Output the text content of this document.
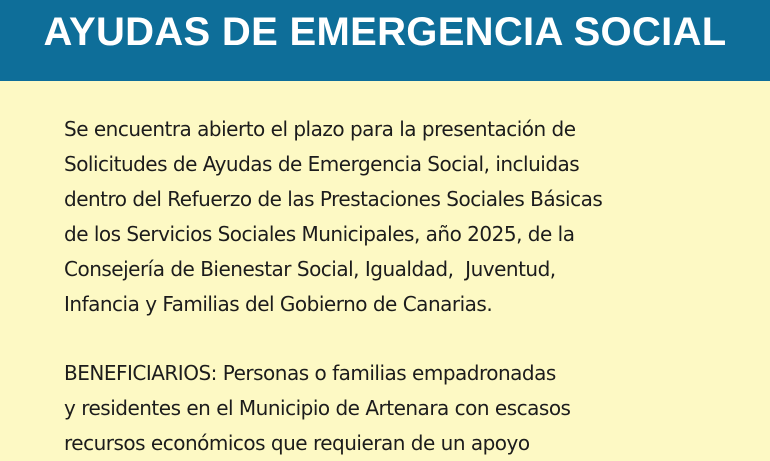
AYUDAS DE EMERGENCIA SOCIAL

Se encuentra abierto el plazo para la presentación de
Solicitudes de Ayudas de Emergencia Social, incluidas
dentro del Refuerzo de las Prestaciones Sociales Básicas
de los Servicios Sociales Municipales, año 2025, de la
Consejería de Bienestar Social, Igualdad,  Juventud,
Infancia y Familias del Gobierno de Canarias.

BENEFICIARIOS: Personas o familias empadronadas
y residentes en el Municipio de Artenara con escasos
recursos económicos que requieran de un apoyo
